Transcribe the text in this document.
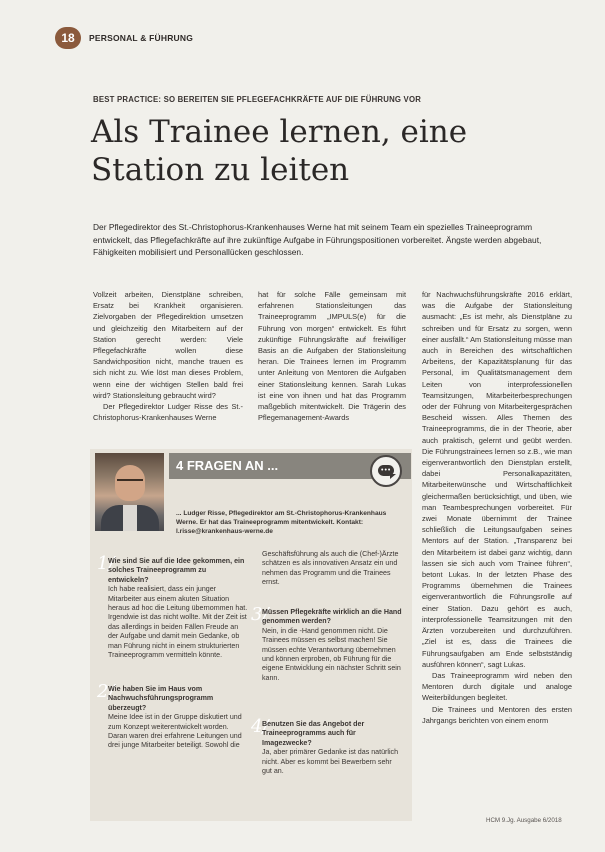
18	PERSONAL & FÜHRUNG
BEST PRACTICE: SO BEREITEN SIE PFLEGEFACHKRÄFTE AUF DIE FÜHRUNG VOR
Als Trainee lernen, eine Station zu leiten
Der Pflegedirektor des St.-Christophorus-Krankenhauses Werne hat mit seinem Team ein spezielles Traineeprogramm entwickelt, das Pflegefachkräfte auf ihre zukünftige Aufgabe in Führungspositionen vorbereitet. Ängste werden abgebaut, Fähigkeiten mobilisiert und Personallücken geschlossen.

Vollzeit arbeiten, Dienstpläne schreiben, Ersatz bei Krankheit organisieren. Zielvorgaben der Pflegedirektion umsetzen und gleichzeitig den Mitarbeitern auf der Station gerecht werden: Viele Pflegefachkräfte wollen diese Sandwichposition nicht, manche trauen es sich nicht zu. Wie löst man dieses Problem, wenn eine der wichtigen Stellen bald frei wird? Stationsleitung gebraucht wird?

Der Pflegedirektor Ludger Risse des St.-Christophorus-Krankenhauses Werne

hat für solche Fälle gemeinsam mit erfahrenen Stationsleitungen das Traineeprogramm „IMPULS(e) für die Führung von morgen“ entwickelt. Es führt zukünftige Führungskräfte auf freiwilliger Basis an die Aufgaben der Stationsleitung heran. Die Trainees lernen im Programm unter Anleitung von Mentoren die Aufgaben einer Stationsleitung kennen. Sarah Lukas ist eine von ihnen und hat das Programm maßgeblich mitentwickelt. Die Trägerin des Pflegemanagement-Awards

für Nachwuchsführungskräfte 2016 erklärt, was die Aufgabe der Stationsleitung ausmacht: „Es ist mehr, als Dienstpläne zu schreiben und für Ersatz zu sorgen, wenn einer ausfällt.“ Am Stationsleitung müsse man auch in Bereichen des wirtschaftlichen Arbeitens, der Kapazitätsplanung für das Personal, im Qualitätsmanagement dem Leiten von interprofessionellen Teamsitzungen, Mitarbeiterbesprechungen oder der Führung von Mitarbeitergesprächen Bescheid wissen. Alles Themen des Traineeprogramms, die in der Theorie, aber auch praktisch, gelernt und geübt werden. Die Führungstrainees lernen so z.B., wie man eigenverantwortlich den Dienstplan erstellt, dabei Personalkapazitäten, Mitarbeiterwünsche und Wirtschaftlichkeit gleichermaßen berücksichtigt, und üben, wie man Teambesprechungen vorbereitet. Für zwei Monate übernimmt der Trainee schließlich die Leitungsaufgaben seines Mentors auf der Station. „Transparenz bei den Mitarbeitern ist dabei ganz wichtig, dann lassen sie sich auch vom Trainee führen“, betont Lukas. In der letzten Phase des Programms übernehmen die Trainees eigenverantwortlich die Führungsrolle auf einer Station. Dazu gehört es auch, interprofessionelle Teamsitzungen mit den Ärzten vorzubereiten und durchzuführen. „Ziel ist es, dass die Trainees die Führungsaufgaben am Ende selbstständig ausführen können“, sagt Lukas.

Das Traineeprogramm wird neben den Mentoren durch digitale und analoge Weiterbildungen begleitet.

Die Trainees und Mentoren des ersten Jahrgangs berichten von einem enorm

4 FRAGEN AN ...	•••
... Ludger Risse, Pflegedirektor am St.-Christophorus-Krankenhaus Werne. Er hat das Traineeprogramm mitentwickelt. Kontakt: l.risse@krankenhaus-werne.de
1/
Wie sind Sie auf die Idee gekommen, ein solches Traineeprogramm zu entwickeln?
Ich habe realisiert, dass ein junger Mitarbeiter aus einem akuten Situation heraus ad hoc die Leitung übernommen hat. Irgendwie ist das nicht wollte. Mit der Zeit ist das allerdings in beiden Fällen Freude an der Aufgabe und damit mein Gedanke, ob man Führung nicht in einem strukturierten Traineeprogramm vermitteln könnte.
2/
Wie haben Sie im Haus vom Nachwuchsführungsprogramm überzeugt?
Meine Idee ist in der Gruppe diskutiert und zum Konzept weiterentwickelt worden. Daran waren drei erfahrene Leitungen und drei junge Mitarbeiter beteiligt. Sowohl die
Geschäftsführung als auch die (Chef-)Ärzte schätzen es als innovativen Ansatz ein und nehmen das Programm und die Trainees ernst.
3/
Müssen Pflegekräfte wirklich an die Hand genommen werden?
Nein, in die ‑Hand genommen nicht. Die Trainees müssen es selbst machen! Sie müssen echte Verantwortung übernehmen und können erproben, ob Führung für die eigene Entwicklung ein nächster Schritt sein kann.
4/
Benutzen Sie das Angebot der Traineeprogramms auch für Imagezwecke?
Ja, aber primärer Gedanke ist das natürlich nicht. Aber es kommt bei Bewerbern sehr gut an.
HCM 9.Jg. Ausgabe 6/2018
